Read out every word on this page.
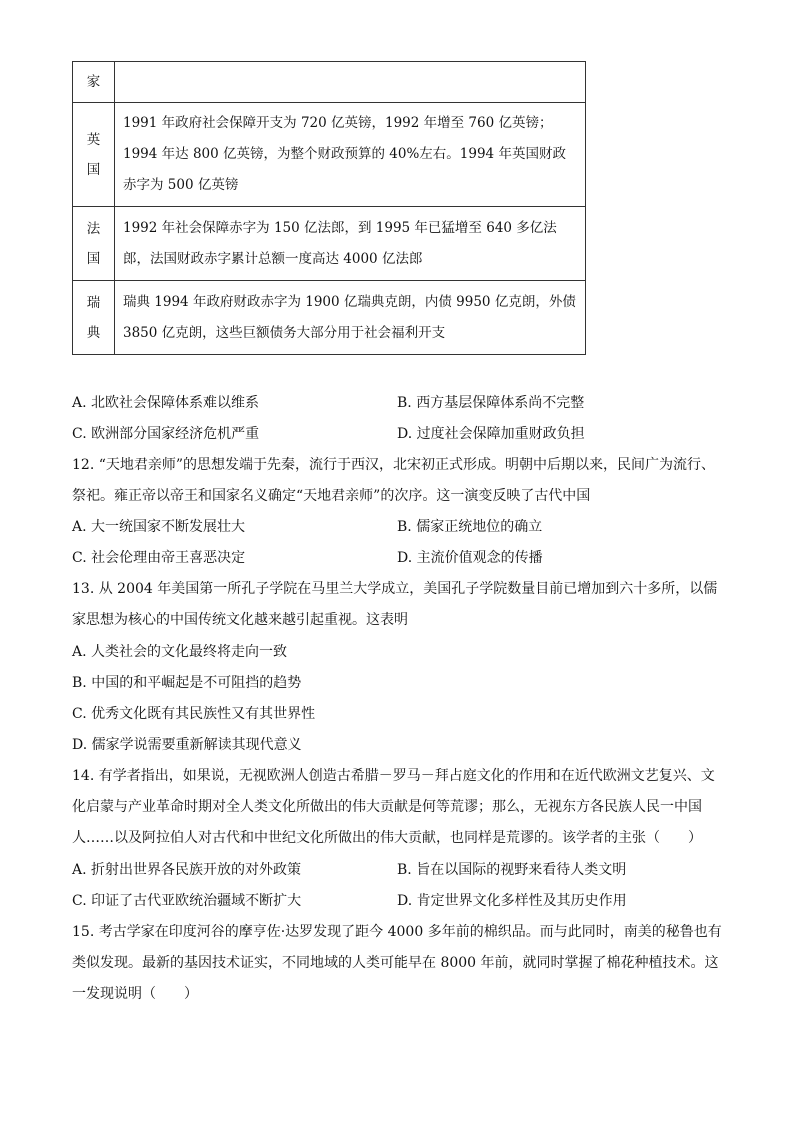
家	

英
国	1991 年政府社会保障开支为 720 亿英镑，1992 年增至 760 亿英镑；1994 年达 800 亿英镑，为整个财政预算的 40%左右。1994 年英国财政赤字为 500 亿英镑

法
国	1992 年社会保障赤字为 150 亿法郎，到 1995 年已猛增至 640 多亿法郎，法国财政赤字累计总额一度高达 4000 亿法郎

瑞
典	瑞典 1994 年政府财政赤字为 1900 亿瑞典克朗，内债 9950 亿克朗，外债 3850 亿克朗，这些巨额债务大部分用于社会福利开支
A. 北欧社会保障体系难以维系	B. 西方基层保障体系尚不完整
C. 欧洲部分国家经济危机严重	D. 过度社会保障加重财政负担
12. “天地君亲师”的思想发端于先秦，流行于西汉，北宋初正式形成。明朝中后期以来，民间广为流行、祭祀。雍正帝以帝王和国家名义确定“天地君亲师”的次序。这一演变反映了古代中国
A. 大一统国家不断发展壮大	B. 儒家正统地位的确立
C. 社会伦理由帝王喜恶决定	D. 主流价值观念的传播
13. 从 2004 年美国第一所孔子学院在马里兰大学成立，美国孔子学院数量目前已增加到六十多所，以儒家思想为核心的中国传统文化越来越引起重视。这表明
A. 人类社会的文化最终将走向一致
B. 中国的和平崛起是不可阻挡的趋势
C. 优秀文化既有其民族性又有其世界性
D. 儒家学说需要重新解读其现代意义
14. 有学者指出，如果说，无视欧洲人创造古希腊－罗马－拜占庭文化的作用和在近代欧洲文艺复兴、文化启蒙与产业革命时期对全人类文化所做出的伟大贡献是何等荒谬；那么，无视东方各民族人民一中国人……以及阿拉伯人对古代和中世纪文化所做出的伟大贡献，也同样是荒谬的。该学者的主张（　　）
A. 折射出世界各民族开放的对外政策	B. 旨在以国际的视野来看待人类文明
C. 印证了古代亚欧统治疆域不断扩大	D. 肯定世界文化多样性及其历史作用
15. 考古学家在印度河谷的摩亨佐·达罗发现了距今 4000 多年前的棉织品。而与此同时，南美的秘鲁也有类似发现。最新的基因技术证实，不同地域的人类可能早在 8000 年前，就同时掌握了棉花种植技术。这一发现说明（　　）
